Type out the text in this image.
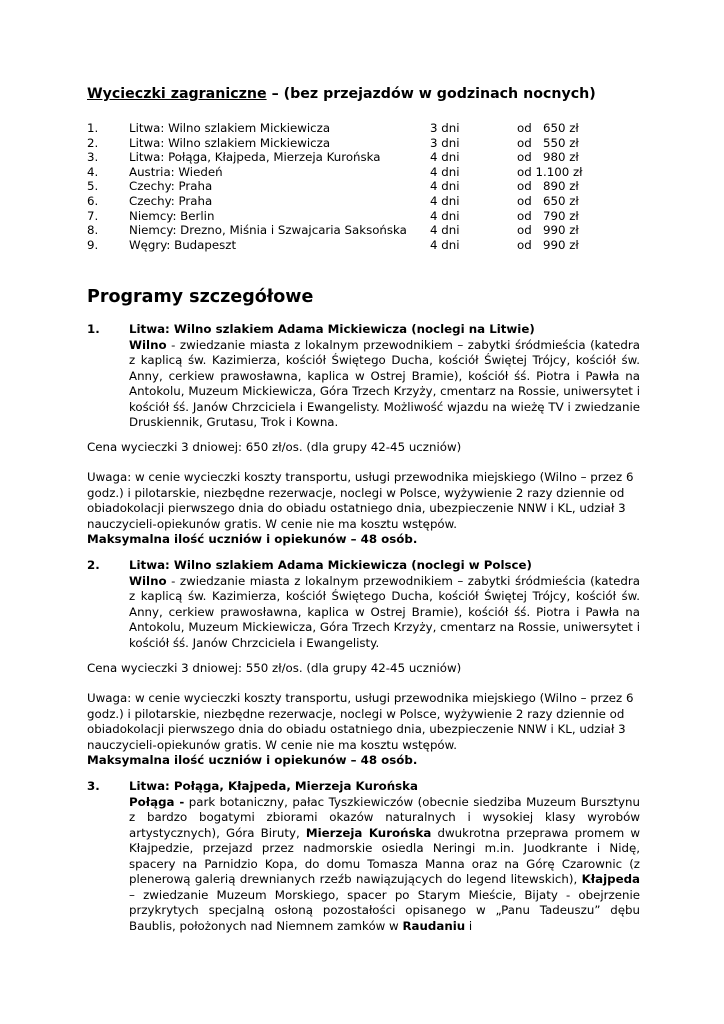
Wycieczki zagraniczne – (bez przejazdów w godzinach nocnych)
1.	Litwa: Wilno szlakiem Mickiewicza	3 dni	od   650 zł
2.	Litwa: Wilno szlakiem Mickiewicza	3 dni	od   550 zł
3.	Litwa: Połąga, Kłajpeda, Mierzeja Kurońska	4 dni	od   980 zł
4.	Austria: Wiedeń	4 dni	od 1.100 zł
5.	Czechy: Praha	4 dni	od   890 zł
6.	Czechy: Praha	4 dni	od   650 zł
7.	Niemcy: Berlin	4 dni	od   790 zł
8.	Niemcy: Drezno, Miśnia i Szwajcaria Saksońska 4 dni	od   990 zł
9.	Węgry: Budapeszt	4 dni	od   990 zł
Programy szczegółowe
1. Litwa: Wilno szlakiem Adama Mickiewicza (noclegi na Litwie)
Wilno - zwiedzanie miasta z lokalnym przewodnikiem – zabytki śródmieścia (katedra z kaplicą św. Kazimierza, kościół Świętego Ducha, kościół Świętej Trójcy, kościół św. Anny, cerkiew prawosławna, kaplica w Ostrej Bramie), kościół śś. Piotra i Pawła na Antokolu, Muzeum Mickiewicza, Góra Trzech Krzyży, cmentarz na Rossie, uniwersytet i kościół śś. Janów Chrzciciela i Ewangelisty. Możliwość wjazdu na wieżę TV i zwiedzanie Druskiennik, Grutasu, Trok i Kowna.
Cena wycieczki 3 dniowej: 650 zł/os. (dla grupy 42-45 uczniów)
Uwaga: w cenie wycieczki koszty transportu, usługi przewodnika miejskiego (Wilno – przez 6 godz.) i pilotarskie, niezbędne rezerwacje, noclegi w Polsce, wyżywienie 2 razy dziennie od obiadokolacji pierwszego dnia do obiadu ostatniego dnia, ubezpieczenie NNW i KL, udział 3 nauczycieli-opiekunów gratis. W cenie nie ma kosztu wstępów.
Maksymalna ilość uczniów i opiekunów – 48 osób.
2. Litwa: Wilno szlakiem Adama Mickiewicza (noclegi w Polsce)
Wilno - zwiedzanie miasta z lokalnym przewodnikiem – zabytki śródmieścia (katedra z kaplicą św. Kazimierza, kościół Świętego Ducha, kościół Świętej Trójcy, kościół św. Anny, cerkiew prawosławna, kaplica w Ostrej Bramie), kościół śś. Piotra i Pawła na Antokolu, Muzeum Mickiewicza, Góra Trzech Krzyży, cmentarz na Rossie, uniwersytet i kościół śś. Janów Chrzciciela i Ewangelisty.
Cena wycieczki 3 dniowej: 550 zł/os. (dla grupy 42-45 uczniów)
Uwaga: w cenie wycieczki koszty transportu, usługi przewodnika miejskiego (Wilno – przez 6 godz.) i pilotarskie, niezbędne rezerwacje, noclegi w Polsce, wyżywienie 2 razy dziennie od obiadokolacji pierwszego dnia do obiadu ostatniego dnia, ubezpieczenie NNW i KL, udział 3 nauczycieli-opiekunów gratis. W cenie nie ma kosztu wstępów.
Maksymalna ilość uczniów i opiekunów – 48 osób.
3. Litwa: Połąga, Kłajpeda, Mierzeja Kurońska
Połąga - park botaniczny, pałac Tyszkiewiczów (obecnie siedziba Muzeum Bursztynu z bardzo bogatymi zbiorami okazów naturalnych i wysokiej klasy wyrobów artystycznych), Góra Biruty, Mierzeja Kurońska dwukrotna przeprawa promem w Kłajpedzie, przejazd przez nadmorskie osiedla Neringi m.in. Juodkrante i Nidę, spacery na Parnidzio Kopa, do domu Tomasza Manna oraz na Górę Czarownic (z plenerową galerią drewnianych rzeźb nawiązujących do legend litewskich), Kłajpeda – zwiedzanie Muzeum Morskiego, spacer po Starym Mieście, Bijaty - obejrzenie przykrytych specjalną osłoną pozostałości opisanego w „Panu Tadeuszu” dębu Baublis, położonych nad Niemnem zamków w Raudaniu i
